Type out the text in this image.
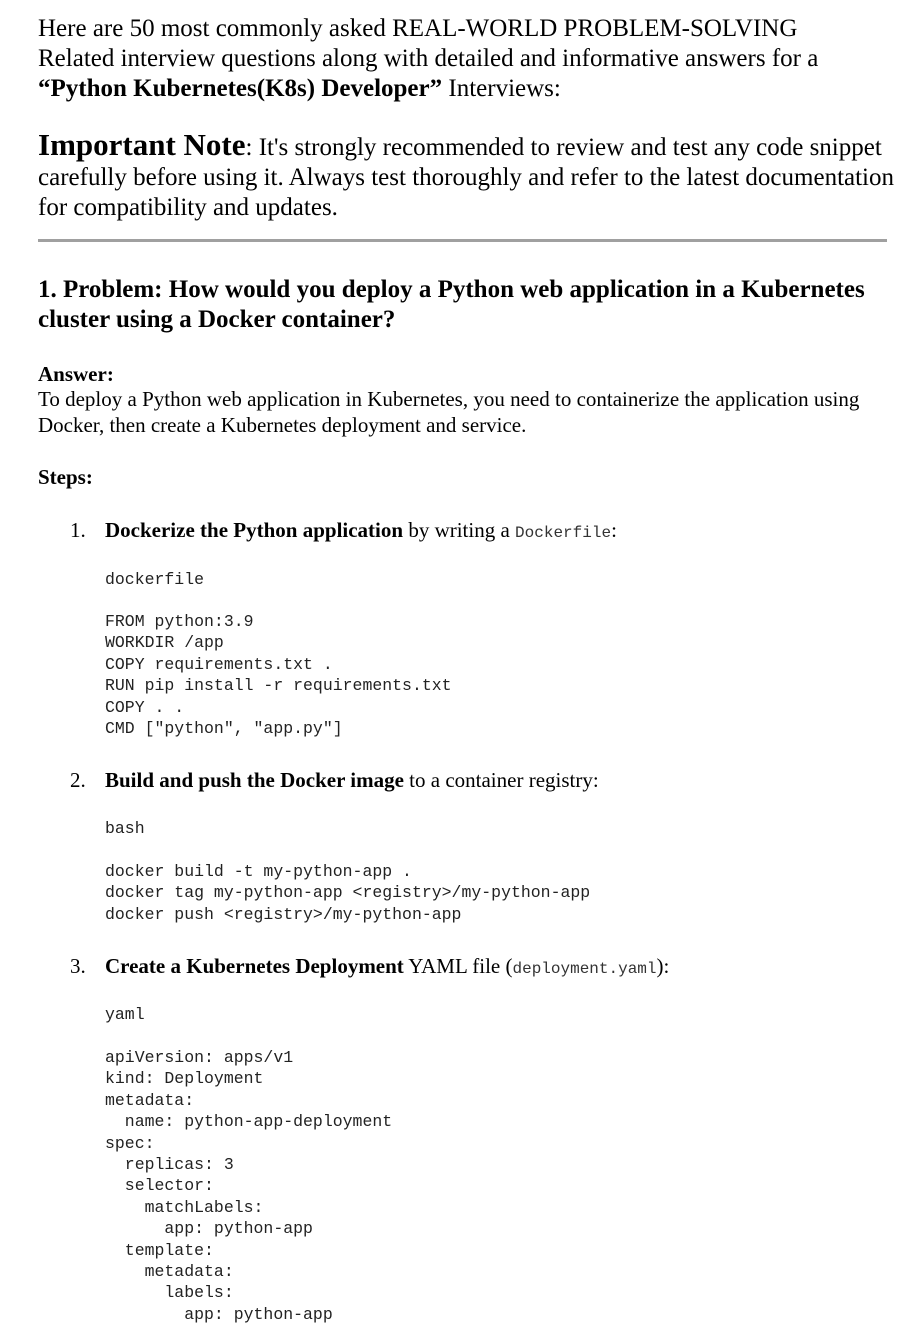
Here are 50 most commonly asked REAL-WORLD PROBLEM-SOLVING
Related interview questions along with detailed and informative answers for a
“Python Kubernetes(K8s) Developer” Interviews:
Important Note: It's strongly recommended to review and test any code snippet carefully before using it. Always test thoroughly and refer to the latest documentation for compatibility and updates.
1. Problem: How would you deploy a Python web application in a Kubernetes cluster using a Docker container?
Answer:
To deploy a Python web application in Kubernetes, you need to containerize the application using Docker, then create a Kubernetes deployment and service.
Steps:
1. Dockerize the Python application by writing a Dockerfile:
dockerfile
FROM python:3.9
WORKDIR /app
COPY requirements.txt .
RUN pip install -r requirements.txt
COPY . .
CMD ["python", "app.py"]
2. Build and push the Docker image to a container registry:
bash
docker build -t my-python-app .
docker tag my-python-app <registry>/my-python-app
docker push <registry>/my-python-app
3. Create a Kubernetes Deployment YAML file (deployment.yaml):
yaml
apiVersion: apps/v1
kind: Deployment
metadata:
name: python-app-deployment
spec:
replicas: 3
selector:
matchLabels:
app: python-app
template:
metadata:
labels:
app: python-app
